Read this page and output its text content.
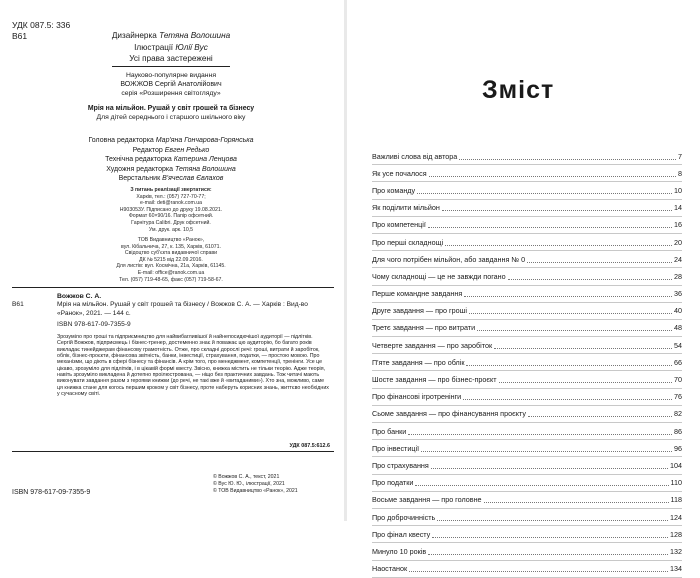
УДК 087.5: 336
В61	Дизайнерка Тетяна Волошина
Ілюстрації Юлії Вус
Усі права застережені
Науково-популярне видання
ВОЖЖОВ Сергій Анатолійович
серія «Розширення світогляду»
Мрія на мільйон. Рушай у світ грошей та бізнесу
Для дітей середнього і старшого шкільного віку
Головна редакторка Мар'яна Гончарова-Горянська
Редактор Евген Редько
Технічна редакторка Катерина Ленцова
Художня редакторка Тетяна Волошина
Верстальник В'ячеслав Євлахов
З питань реалізації звертатися:
Харків, тел.: (057) 727-70-77;
e-mail: deti@ranok.com.ua
Н903053У. Підписано до друку 19.08.2021.
Формат 60×90/16. Папір офсетний.
Гарнітура Calibri. Друк офсетний.
Ум. друк. арк. 10,5
ТОВ Видавництво «Ранок»,
вул. Кібальчича, 27, к. 135, Харків, 61071.
Свідоцтво суб'єкта видавничої справи
ДК № 5215 від 22.09.2016.
Для листів: вул. Космічна, 21а, Харків, 61145.
E-mail: office@ranok.com.ua
Тел. (057) 719-48-65, факс (057) 719-58-67.
В61
Вожжов С. А.
Мрія на мільйон. Рушай у світ грошей та бізнесу / Вожжов С. А. — Харків : Вид-во «Ранок», 2021. — 144 с.
ISBN 978-617-09-7355-9
Зрозуміло про гроші та підприємництво для найвибагливішої й найнепосидючішої аудиторії — підлітків. Сергій Вожжов, підприємець і бізнес-тренер, достеменно знає й поважає цю аудиторію, бо багато років викладає тинейджерам фінансову грамотність. Отже, про складні дорослі речі: гроші, витрати й заробіток, облік, бізнес-проєкти, фінансова звітність, банки, інвестиції, страхування, податки, — простою мовою. Про механізми, що діють в сфері бізнесу та фінансів. А крім того, про менеджмент, компетенції, тренінги. Усе це цікаво, зрозуміло для підлітків, і в цікавій формі квесту. Звісно, книжка містить не тільки теорію. Адже теорія, навіть зрозуміло викладена й дотепно проілюстрована, — ніщо без практичних завдань. Тож читачі мають виконувати завдання разом з героями книжки (до речі, не такі вже й «витаданими»). Хто зна, можливо, саме ця книжка стане для когось першим кроком у світ бізнесу, проте наберуть корисних знань, життєво необхідних у сучасному світі.
УДК 087.5:612.6
ISBN 978-617-09-7355-9
© Вожжов С. А., текст, 2021
© Вус Ю. Ю., ілюстрації, 2021
© ТОВ Видавництво «Ранок», 2021
Зміст
Важливі слова від автора	7
Як усе почалося	8
Про команду	10
Як поділити мільйон	14
Про компетенції	16
Про перші складнощі	20
Для чого потрібен мільйон, або завдання № 0	24
Чому складнощі — це не завжди погано	28
Перше командне завдання	36
Друге завдання — про гроші	40
Третє завдання — про витрати	48
Четверте завдання — про заробіток	54
П'яте завдання — про облік	66
Шосте завдання — про бізнес-проєкт	70
Про фінансові ігротренінги	76
Сьоме завдання — про фінансування проєкту	82
Про банки	86
Про інвестиції	96
Про страхування	104
Про податки	110
Восьме завдання — про головне	118
Про доброчинність	124
Про фінал квесту	128
Минуло 10 років	132
Наостанок	134
